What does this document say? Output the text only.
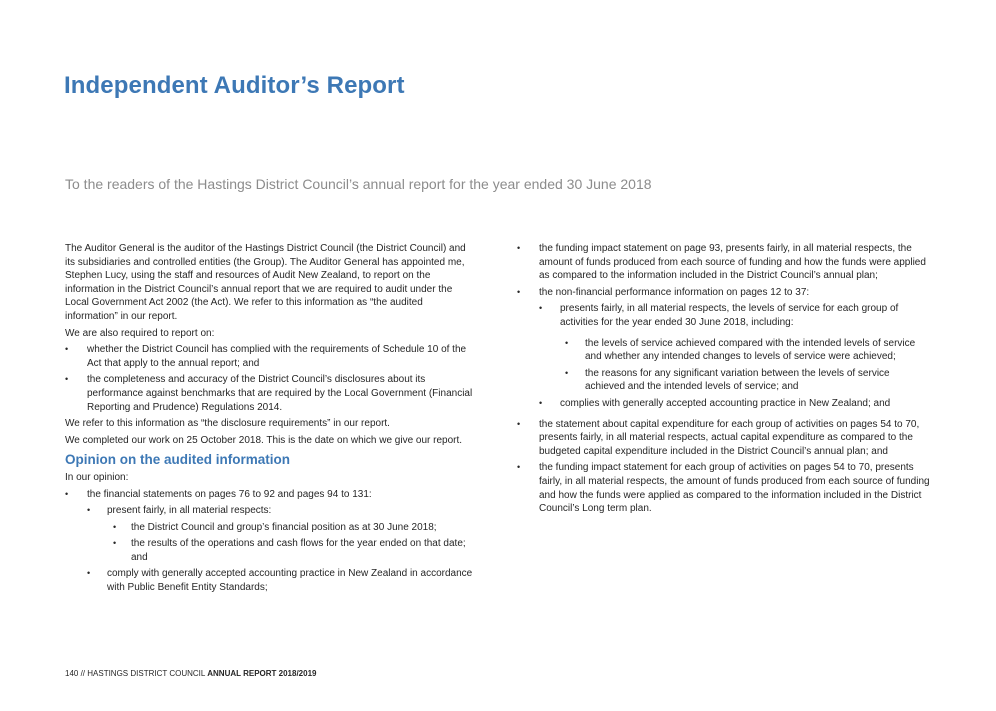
Independent Auditor’s Report
To the readers of the Hastings District Council’s annual report for the year ended 30 June 2018

The Auditor General is the auditor of the Hastings District Council (the District Council) and its subsidiaries and controlled entities (the Group). The Auditor General has appointed me, Stephen Lucy, using the staff and resources of Audit New Zealand, to report on the information in the District Council’s annual report that we are required to audit under the Local Government Act 2002 (the Act). We refer to this information as “the audited information” in our report.

We are also required to report on:

• whether the District Council has complied with the requirements of Schedule 10 of the Act that apply to the annual report; and
• the completeness and accuracy of the District Council’s disclosures about its performance against benchmarks that are required by the Local Government (Financial Reporting and Prudence) Regulations 2014.

We refer to this information as “the disclosure requirements” in our report.

We completed our work on 25 October 2018. This is the date on which we give our report.

Opinion on the audited information

In our opinion:

• the financial statements on pages 76 to 92 and pages 94 to 131:
• present fairly, in all material respects:
• the District Council and group’s financial position as at 30 June 2018;
• the results of the operations and cash flows for the year ended on that date; and
• comply with generally accepted accounting practice in New Zealand in accordance with Public Benefit Entity Standards;
• the funding impact statement on page 93, presents fairly, in all material respects, the amount of funds produced from each source of funding and how the funds were applied as compared to the information included in the District Council’s annual plan;
• the non-financial performance information on pages 12 to 37:
• presents fairly, in all material respects, the levels of service for each group of activities for the year ended 30 June 2018, including:
• the levels of service achieved compared with the intended levels of service and whether any intended changes to levels of service were achieved;
• the reasons for any significant variation between the levels of service achieved and the intended levels of service; and
• complies with generally accepted accounting practice in New Zealand; and
• the statement about capital expenditure for each group of activities on pages 54 to 70, presents fairly, in all material respects, actual capital expenditure as compared to the budgeted capital expenditure included in the District Council’s annual plan; and
• the funding impact statement for each group of activities on pages 54 to 70, presents fairly, in all material respects, the amount of funds produced from each source of funding and how the funds were applied as compared to the information included in the District Council’s Long term plan.
140 // HASTINGS DISTRICT COUNCIL ANNUAL REPORT 2018/2019
